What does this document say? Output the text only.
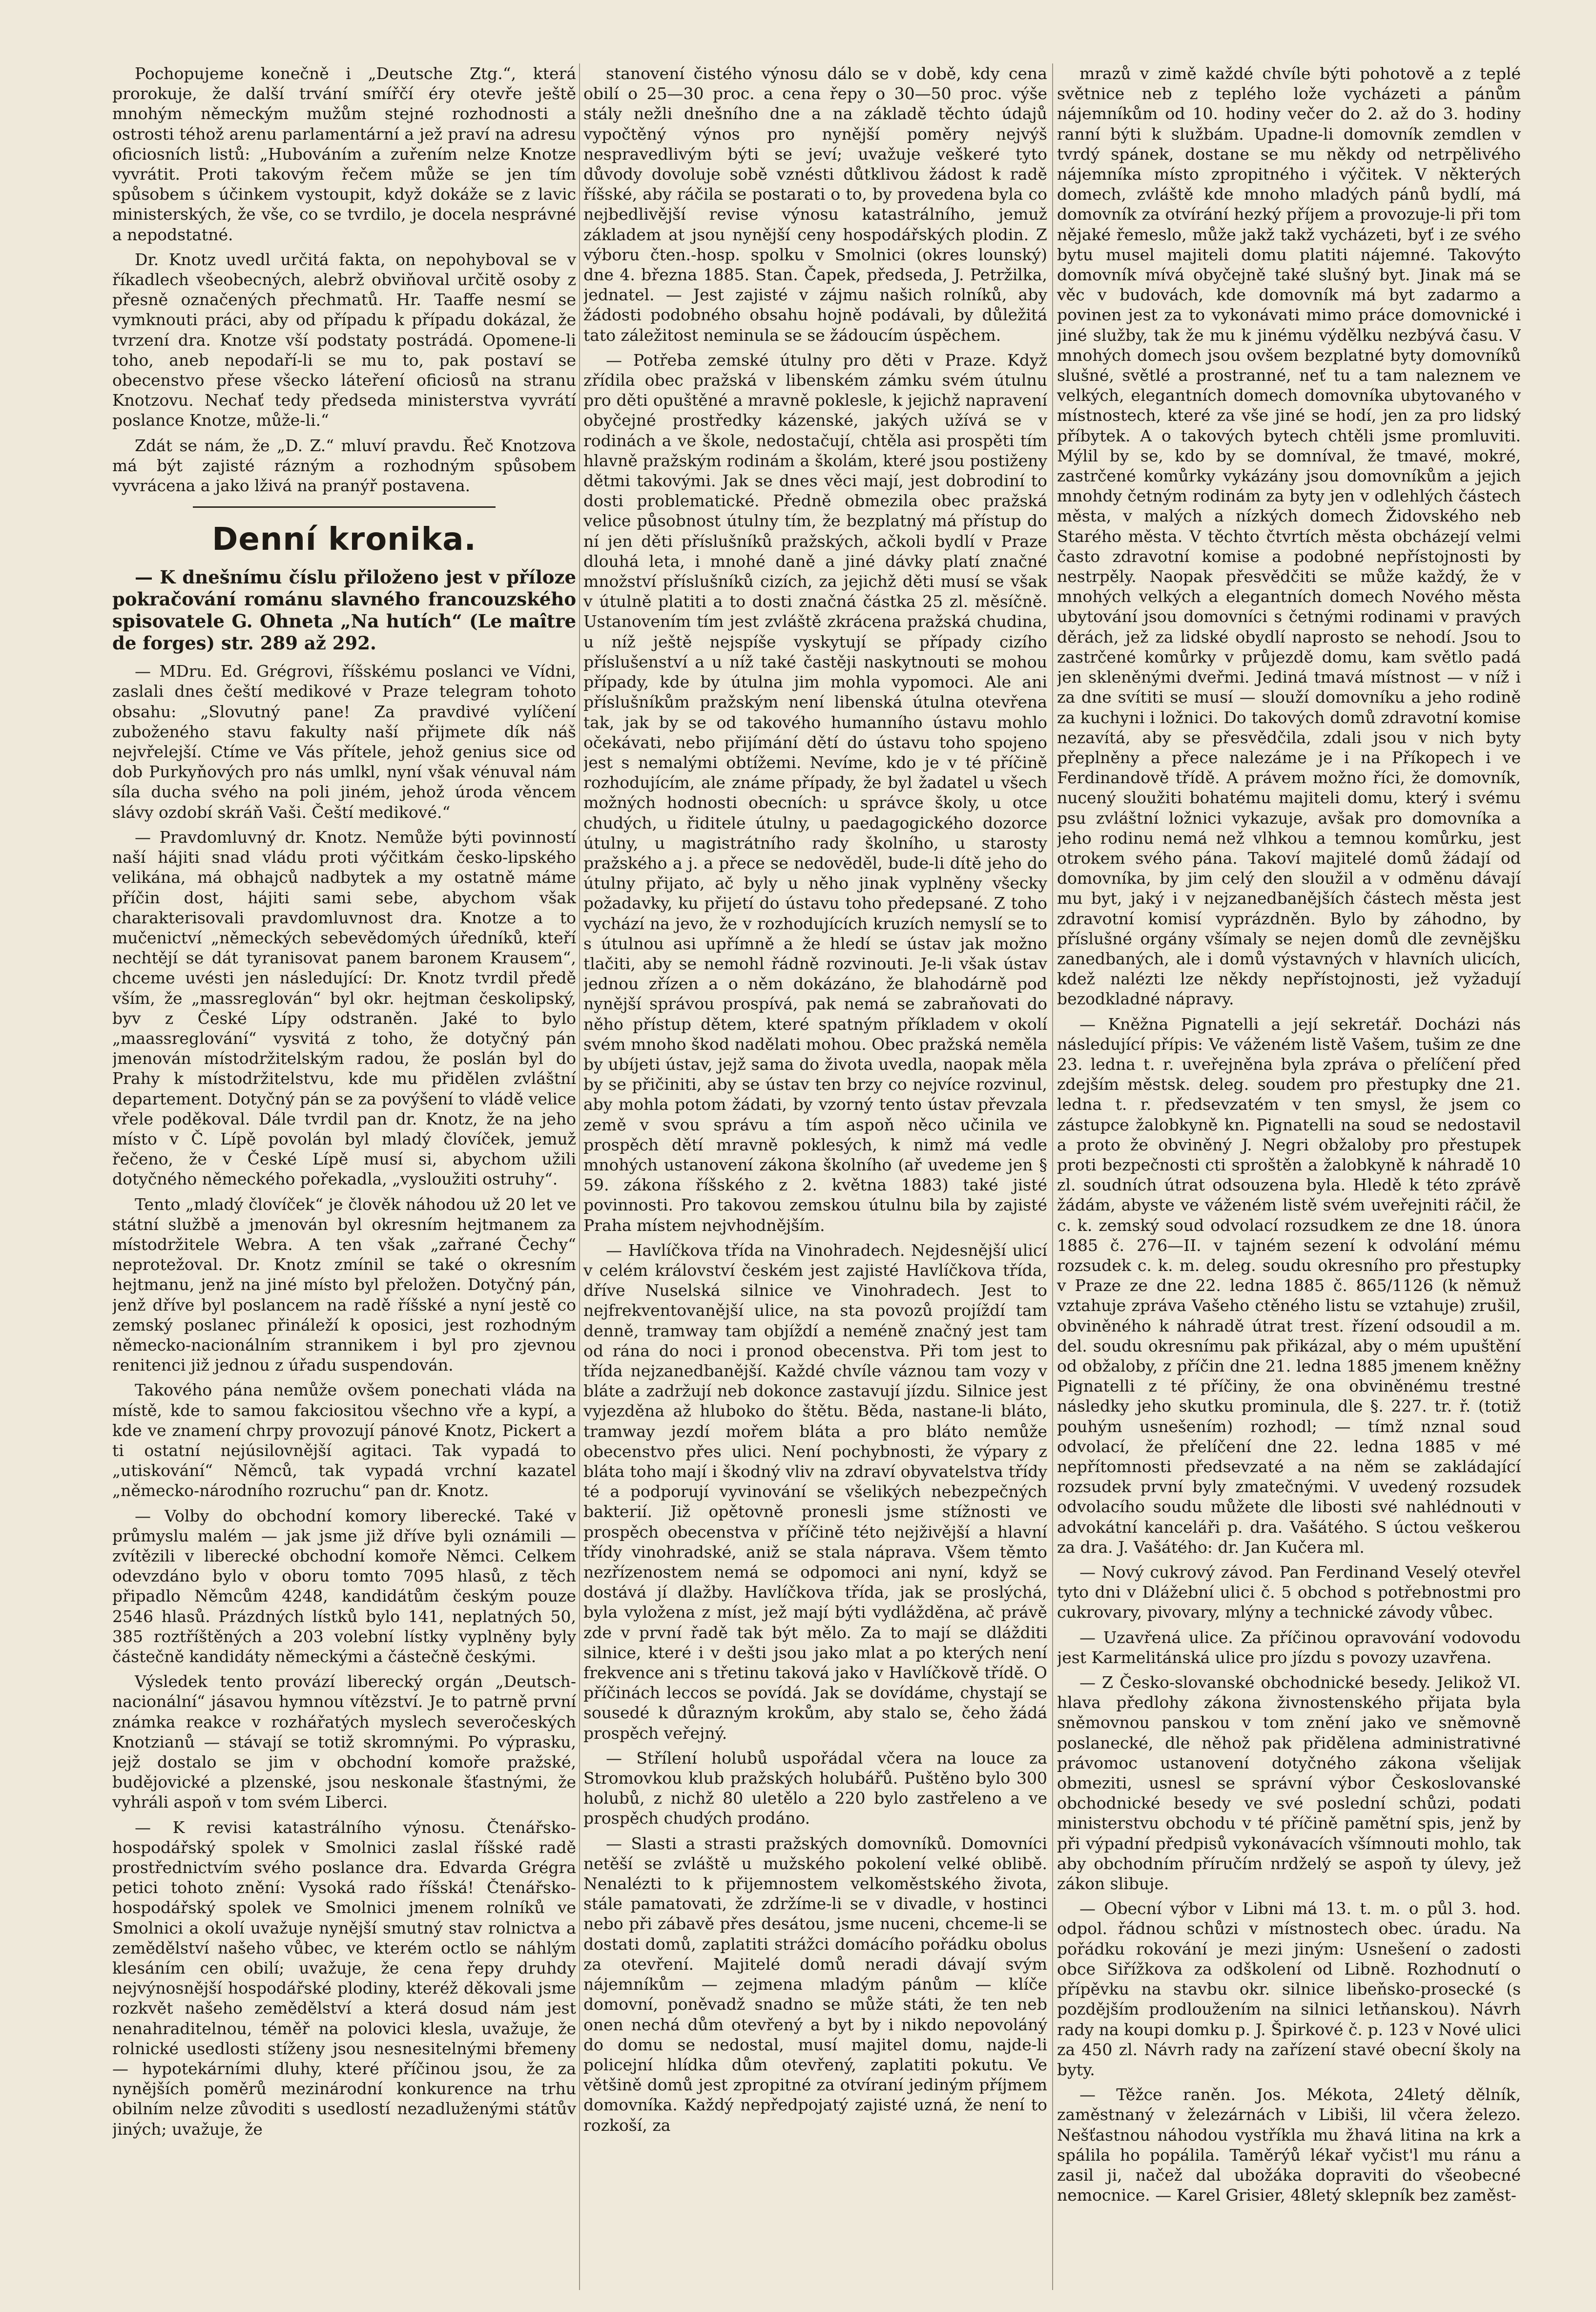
Pochopujeme konečně i „Deutsche Ztg.“, která prorokuje, že další trvání smířčí éry otevře ještě mnohým německým mužům stejné rozhodnosti a ostrosti téhož arenu parlamentární a jež praví na adresu oficiosních listů: „Hubováním a zuřením nelze Knotze vyvrátit. Proti takovým řečem může se jen tím spůsobem s účinkem vystoupit, když dokáže se z lavic ministerských, že vše, co se tvrdilo, je docela nesprávné a nepodstatné.

Dr. Knotz uvedl určitá fakta, on nepohyboval se v říkadlech všeobecných, alebrž obviňoval určitě osoby z přesně označených přechmatů. Hr. Taaffe nesmí se vymknouti práci, aby od případu k případu dokázal, že tvrzení dra. Knotze vší podstaty postrádá. Opomene-li toho, aneb nepodaří-li se mu to, pak postaví se obecenstvo přese všecko láteření oficiosů na stranu Knotzovu. Nechať tedy předseda ministerstva vyvrátí poslance Knotze, může-li.“

Zdát se nám, že „D. Z.“ mluví pravdu. Řeč Knotzova má být zajisté rázným a rozhodným spůsobem vyvrácena a jako lživá na pranýř postavena.

Denní kronika.

— K dnešnímu číslu přiloženo jest v příloze pokračování románu slavného francouzského spisovatele G. Ohneta „Na hutích“ (Le maître de forges) str. 289 až 292.

— MDru. Ed. Grégrovi, říšskému poslanci ve Vídni, zaslali dnes čeští medikové v Praze telegram tohoto obsahu: „Slovutný pane! Za pravdivé vylíčení zuboženého stavu fakulty naší přijmete dík náš nejvřelejší. Ctíme ve Vás přítele, jehož genius sice od dob Purkyňových pro nás umlkl, nyní však vénuval nám síla ducha svého na poli jiném, jehož úroda věncem slávy ozdobí skráň Vaši. Čeští medikové.“

— Pravdomluvný dr. Knotz. Nemůže býti povinností naší hájiti snad vládu proti výčitkám česko-lipského velikána, má obhajců nadbytek a my ostatně máme příčin dost, hájiti sami sebe, abychom však charakterisovali pravdomluvnost dra. Knotze a to mučenictví „německých sebevědomých úředníků, kteří nechtějí se dát tyranisovat panem baronem Krausem“, chceme uvésti jen následující: Dr. Knotz tvrdil předě vším, že „massreglován“ byl okr. hejtman českolipský, byv z České Lípy odstraněn. Jaké to bylo „maassreglování“ vysvitá z toho, že dotyčný pán jmenován místodržitelským radou, že poslán byl do Prahy k místodržitelstvu, kde mu přidělen zvláštní departement. Dotyčný pán se za povýšení to vládě velice vřele poděkoval. Dále tvrdil pan dr. Knotz, že na jeho místo v Č. Lípě povolán byl mladý človíček, jemuž řečeno, že v České Lípě musí si, abychom užili dotyčného německého pořekadla, „vysloužiti ostruhy“.

Tento „mladý človíček“ je člověk náhodou už 20 let ve státní službě a jmenován byl okresním hejtmanem za místodržitele Webra. A ten však „zařrané Čechy“ neprotežoval. Dr. Knotz zmínil se také o okresním hejtmanu, jenž na jiné místo byl přeložen. Dotyčný pán, jenž dříve byl poslancem na radě říšské a nyní jestě co zemský poslanec přináleží k oposici, jest rozhodným německo-nacionálním strannikem i byl pro zjevnou renitenci již jednou z úřadu suspendován.

Takového pána nemůže ovšem ponechati vláda na místě, kde to samou fakciositou všechno vře a kypí, a kde ve znamení chrpy provozují pánové Knotz, Pickert a ti ostatní nejúsilovnější agitaci. Tak vypadá to „utiskování“ Němců, tak vypadá vrchní kazatel „německo-národního rozruchu“ pan dr. Knotz.

— Volby do obchodní komory liberecké. Také v průmyslu malém — jak jsme již dříve byli oznámili — zvítězili v liberecké obchodní komoře Němci. Celkem odevzdáno bylo v oboru tomto 7095 hlasů, z těch připadlo Němcům 4248, kandidátům českým pouze 2546 hlasů. Prázdných lístků bylo 141, neplatných 50, 385 roztříštěných a 203 volební lístky vyplněny byly částečně kandidáty německými a částečně českými.

Výsledek tento provází liberecký orgán „Deutsch-nacionální“ jásavou hymnou vítězství. Je to patrně první známka reakce v rozhářatých myslech severočeských Knotzianů — stávají se totiž skromnými. Po výprasku, jejž dostalo se jim v obchodní komoře pražské, budějovické a plzenské, jsou neskonale šťastnými, že vyhráli aspoň v tom svém Liberci.

— K revisi katastrálního výnosu. Čtenářsko-hospodářský spolek v Smolnici zaslal říšské radě prostřednictvím svého poslance dra. Edvarda Grégra petici tohoto znění: Vysoká rado říšská! Čtenářsko-hospodářský spolek ve Smolnici jmenem rolníků ve Smolnici a okolí uvažuje nynější smutný stav rolnictva a zemědělství našeho vůbec, ve kterém octlo se náhlým klesáním cen obilí; uvažuje, že cena řepy druhdy nejvýnosnější hospodářské plodiny, kteréž děkovali jsme rozkvět našeho zemědělství a která dosud nám jest nenahraditelnou, téměř na polovici klesla, uvažuje, že rolnické usedlosti stíženy jsou nesnesitelnými břemeny — hypotekárními dluhy, které příčinou jsou, že za nynějších poměrů mezinárodní konkurence na trhu obilním nelze zůvoditi s usedlostí nezadluženými státův jiných; uvažuje, že

stanovení čistého výnosu dálo se v době, kdy cena obilí o 25—30 proc. a cena řepy o 30—50 proc. výše stály nežli dnešního dne a na základě těchto údajů vypočtěný výnos pro nynější poměry nejvýš nespravedlivým býti se jeví; uvažuje veškeré tyto důvody dovoluje sobě vznésti důtklivou žádost k radě říšské, aby ráčila se postarati o to, by provedena byla co nejbedlivější revise výnosu katastrálního, jemuž základem at jsou nynější ceny hospodářských plodin. Z výboru čten.-hosp. spolku v Smolnici (okres lounský) dne 4. března 1885. Stan. Čapek, předseda, J. Petržilka, jednatel. — Jest zajisté v zájmu našich rolníků, aby žádosti podobného obsahu hojně podávali, by důležitá tato záležitost neminula se se žádoucím úspěchem.

— Potřeba zemské útulny pro děti v Praze. Když zřídila obec pražská v libenském zámku svém útulnu pro děti opuštěné a mravně poklesle, k jejichž napravení obyčejné prostředky kázenské, jakých užívá se v rodinách a ve škole, nedostačují, chtěla asi prospěti tím hlavně pražským rodinám a školám, které jsou postiženy dětmi takovými. Jak se dnes věci mají, jest dobrodiní to dosti problematické. Předně obmezila obec pražská velice působnost útulny tím, že bezplatný má přístup do ní jen děti příslušníků pražských, ačkoli bydlí v Praze dlouhá leta, i mnohé daně a jiné dávky platí značné množství příslušníků cizích, za jejichž děti musí se však v útulně platiti a to dosti značná částka 25 zl. měsíčně. Ustanovením tím jest zvláště zkrácena pražská chudina, u níž ještě nejspíše vyskytují se případy cizího příslušenství a u níž také častěji naskytnouti se mohou případy, kde by útulna jim mohla vypomoci. Ale ani příslušníkům pražským není libenská útulna otevřena tak, jak by se od takového humanního ústavu mohlo očekávati, nebo přijímání dětí do ústavu toho spojeno jest s nemalými obtížemi. Nevíme, kdo je v té příčině rozhodujícím, ale známe případy, že byl žadatel u všech možných hodnosti obecních: u správce školy, u otce chudých, u řiditele útulny, u paedagogického dozorce útulny, u magistrátního rady školního, u starosty pražského a j. a přece se nedověděl, bude-li dítě jeho do útulny přijato, ač byly u něho jinak vyplněny všecky požadavky, ku přijetí do ústavu toho předepsané. Z toho vychází na jevo, že v rozhodujících kruzích nemyslí se to s útulnou asi upřímně a že hledí se ústav jak možno tlačiti, aby se nemohl řádně rozvinouti. Je-li však ústav jednou zřízen a o něm dokázáno, že blahodárně pod nynější správou prospívá, pak nemá se zabraňovati do něho přístup dětem, které spatným příkladem v okolí svém mnoho škod nadělati mohou. Obec pražská neměla by ubíjeti ústav, jejž sama do života uvedla, naopak měla by se přičiniti, aby se ústav ten brzy co nejvíce rozvinul, aby mohla potom žádati, by vzorný tento ústav převzala země v svou správu a tím aspoň něco učinila ve prospěch dětí mravně poklesých, k nimž má vedle mnohých ustanovení zákona školního (ař uvedeme jen § 59. zákona říšského z 2. května 1883) také jisté povinnosti. Pro takovou zemskou útulnu bila by zajisté Praha místem nejvhodnějším.

— Havlíčkova třída na Vinohradech. Nejdesnější ulicí v celém království českém jest zajisté Havlíčkova třída, dříve Nuselská silnice ve Vinohradech. Jest to nejfrekventovanější ulice, na sta povozů projíždí tam denně, tramway tam objíždí a neméně značný jest tam od rána do noci i pronod obecenstva. Při tom jest to třída nejzanedbanější. Každé chvíle váznou tam vozy v bláte a zadržují neb dokonce zastavují jízdu. Silnice jest vyjezděna až hluboko do štětu. Běda, nastane-li bláto, tramway jezdí mořem bláta a pro bláto nemůže obecenstvo přes ulici. Není pochybnosti, že výpary z bláta toho mají i škodný vliv na zdraví obyvatelstva třídy té a podporují vyvinování se všelikých nebezpečných bakterií. Již opětovně pronesli jsme stížnosti ve prospěch obecenstva v příčině této nejživější a hlavní třídy vinohradské, aniž se stala náprava. Všem těmto nezřízenostem nemá se odpomoci ani nyní, když se dostává jí dlažby. Havlíčkova třída, jak se proslýchá, byla vyložena z míst, jež mají býti vydlážděna, ač právě zde v první řadě tak být mělo. Za to mají se dlážditi silnice, které i v dešti jsou jako mlat a po kterých není frekvence ani s třetinu taková jako v Havlíčkově třídě. O příčinách leccos se povídá. Jak se dovídáme, chystají se sousedé k důrazným krokům, aby stalo se, čeho žádá prospěch veřejný.

— Střílení holubů uspořádal včera na louce za Stromovkou klub pražských holubářů. Puštěno bylo 300 holubů, z nichž 80 uletělo a 220 bylo zastřeleno a ve prospěch chudých prodáno.

— Slasti a strasti pražských domovníků. Domovníci netěší se zvláště u mužského pokolení velké oblibě. Nenalézti to k přijemnostem velkoměstského života, stále pamatovati, že zdržíme-li se v divadle, v hostinci nebo při zábavě přes desátou, jsme nuceni, chceme-li se dostati domů, zaplatiti strážci domácího pořádku obolus za otevření. Majitelé domů neradi dávají svým nájemníkům — zejmena mladým pánům — klíče domovní, poněvadž snadno se může státi, že ten neb onen nechá dům otevřený a byt by i nikdo nepovoláný do domu se nedostal, musí majitel domu, najde-li policejní hlídka dům otevřený, zaplatiti pokutu. Ve většině domů jest zpropitné za otvíraní jediným příjmem domovníka. Každý nepředpojatý zajisté uzná, že není to rozkoší, za

mrazů v zimě každé chvíle býti pohotově a z teplé světnice neb z teplého lože vycházeti a pánům nájemníkům od 10. hodiny večer do 2. až do 3. hodiny ranní býti k službám. Upadne-li domovník zemdlen v tvrdý spánek, dostane se mu někdy od netrpělivého nájemníka místo zpropitného i výčitek. V některých domech, zvláště kde mnoho mladých pánů bydlí, má domovník za otvírání hezký příjem a provozuje-li při tom nějaké řemeslo, může jakž takž vycházeti, byť i ze svého bytu musel majiteli domu platiti nájemné. Takovýto domovník mívá obyčejně také slušný byt. Jinak má se věc v budovách, kde domovník má byt zadarmo a povinen jest za to vykonávati mimo práce domovnické i jiné služby, tak že mu k jinému výdělku nezbývá času. V mnohých domech jsou ovšem bezplatné byty domovníků slušné, světlé a prostranné, neť tu a tam naleznem ve velkých, elegantních domech domovníka ubytovaného v místnostech, které za vše jiné se hodí, jen za pro lidský příbytek. A o takových bytech chtěli jsme promluviti. Mýlil by se, kdo by se domníval, že tmavé, mokré, zastrčené komůrky vykázány jsou domovníkům a jejich mnohdy četným rodinám za byty jen v odlehlých částech města, v malých a nízkých domech Židovského neb Starého města. V těchto čtvrtích města obcházejí velmi často zdravotní komise a podobné nepřístojnosti by nestrpěly. Naopak přesvědčiti se může každý, že v mnohých velkých a elegantních domech Nového města ubytování jsou domovníci s četnými rodinami v pravých děrách, jež za lidské obydlí naprosto se nehodí. Jsou to zastrčené komůrky v průjezdě domu, kam světlo padá jen skleněnými dveřmi. Jediná tmavá místnost — v níž i za dne svítiti se musí — slouží domovníku a jeho rodině za kuchyni i ložnici. Do takových domů zdravotní komise nezavítá, aby se přesvědčila, zdali jsou v nich byty přeplněny a přece nalezáme je i na Příkopech i ve Ferdinandově třídě. A právem možno říci, že domovník, nucený sloužiti bohatému majiteli domu, který i svému psu zvláštní ložnici vykazuje, avšak pro domovníka a jeho rodinu nemá než vlhkou a temnou komůrku, jest otrokem svého pána. Takoví majitelé domů žádají od domovníka, by jim celý den sloužil a v odměnu dávají mu byt, jaký i v nejzanedbanějších částech města jest zdravotní komisí vyprázdněn. Bylo by záhodno, by příslušné orgány všímaly se nejen domů dle zevnějšku zanedbaných, ale i domů výstavných v hlavních ulicích, kdež nalézti lze někdy nepřístojnosti, jež vyžadují bezodkladné nápravy.

— Kněžna Pignatelli a její sekretář. Docházi nás následující přípis: Ve váženém listě Vašem, tušim ze dne 23. ledna t. r. uveřejněna byla zpráva o přelíčení před zdejším městsk. deleg. soudem pro přestupky dne 21. ledna t. r. předsevzatém v ten smysl, že jsem co zástupce žalobkyně kn. Pignatelli na soud se nedostavil a proto že obviněný J. Negri obžaloby pro přestupek proti bezpečnosti cti sproštěn a žalobkyně k náhradě 10 zl. soudních útrat odsouzena byla. Hledě k této zprávě žádám, abyste ve váženém listě svém uveřejniti ráčil, že c. k. zemský soud odvolací rozsudkem ze dne 18. února 1885 č. 276—II. v tajném sezení k odvolání mému rozsudek c. k. m. deleg. soudu okresního pro přestupky v Praze ze dne 22. ledna 1885 č. 865/1126 (k němuž vztahuje zpráva Vašeho ctěného listu se vztahuje) zrušil, obviněného k náhradě útrat trest. řízení odsoudil a m. del. soudu okresnímu pak přikázal, aby o mém upuštění od obžaloby, z příčin dne 21. ledna 1885 jmenem kněžny Pignatelli z té příčiny, že ona obviněnému trestné následky jeho skutku prominula, dle §. 227. tr. ř. (totiž pouhým usnešením) rozhodl; — tímž nznal soud odvolací, že přelíčení dne 22. ledna 1885 v mé nepřítomnosti předsevzaté a na něm se zakládající rozsudek první byly zmatečnými. V uvedený rozsudek odvolacího soudu můžete dle libosti své nahlédnouti v advokátní kanceláři p. dra. Vašátého. S úctou veškerou za dra. J. Vašátého: dr. Jan Kučera ml.

— Nový cukrový závod. Pan Ferdinand Veselý otevřel tyto dni v Dlážební ulici č. 5 obchod s potřebnostmi pro cukrovary, pivovary, mlýny a technické závody vůbec.

— Uzavřená ulice. Za příčinou opravování vodovodu jest Karmelitánská ulice pro jízdu s povozy uzavřena.

— Z Česko-slovanské obchodnické besedy. Jelikož VI. hlava předlohy zákona živnostenského přijata byla sněmovnou panskou v tom znění jako ve sněmovně poslanecké, dle něhož pak přidělena administrativné právomoc ustanovení dotyčného zákona všelijak obmeziti, usnesl se správní výbor Českoslovanské obchodnické besedy ve své poslední schůzi, podati ministerstvu obchodu v té příčině pamětní spis, jenž by při výpadní předpisů vykonávacích všímnouti mohlo, tak aby obchodním příručím nrdželý se aspoň ty úlevy, jež zákon slibuje.

— Obecní výbor v Libni má 13. t. m. o půl 3. hod. odpol. řádnou schůzi v místnostech obec. úradu. Na pořádku rokování je mezi jiným: Usnešení o zadosti obce Siřížkova za odškolení od Libně. Rozhodnutí o přípěvku na stavbu okr. silnice libeňsko-prosecké (s pozdějším prodloužením na silnici letňanskou). Návrh rady na koupi domku p. J. Špirkové č. p. 123 v Nové ulici za 450 zl. Návrh rady na zařízení stavé obecní školy na byty.

— Těžce raněn. Jos. Mékota, 24letý dělník, zaměstnaný v železárnách v Libiši, lil včera železo. Nešťastnou náhodou vystříkla mu žhavá litina na krk a spálila ho popálila. Taměrýů lékař vyčist'l mu ránu a zasil ji, načež dal ubožáka dopraviti do všeobecné nemocnice. — Karel Grisier, 48letý sklepník bez zaměst-
